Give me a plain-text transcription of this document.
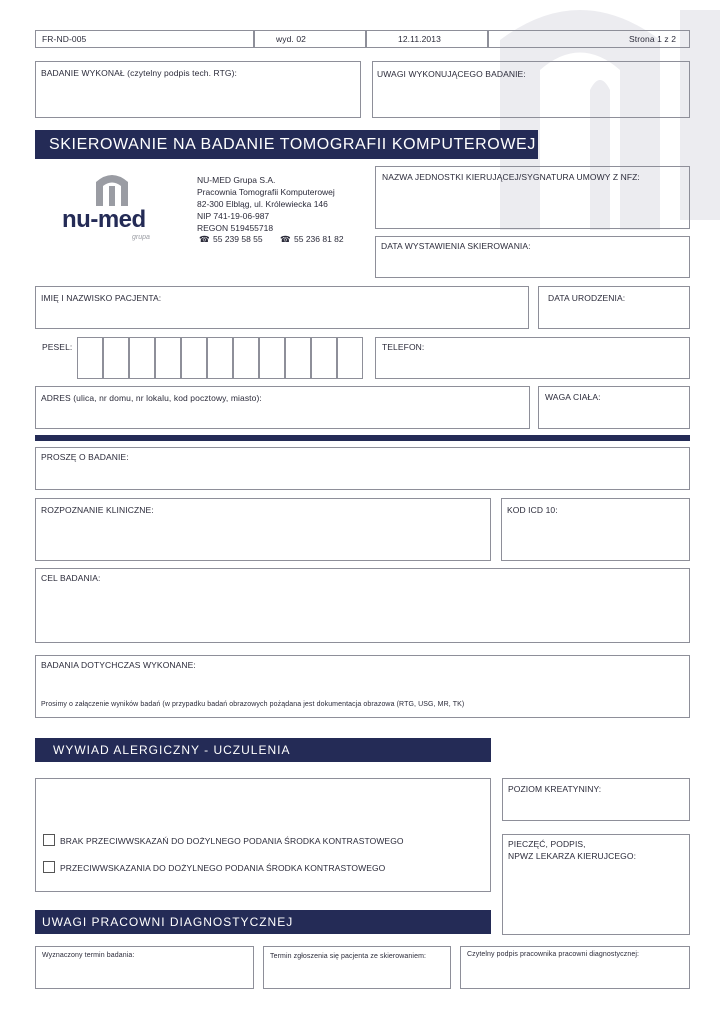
FR-ND-005	wyd. 02	12.11.2013	Strona 1 z 2
BADANIE WYKONAŁ (czytelny podpis tech. RTG):	UWAGI WYKONUJĄCEGO BADANIE:
SKIEROWANIE NA BADANIE TOMOGRAFII KOMPUTEROWEJ
nu-med
grupa
NU-MED Grupa S.A.
Pracownia Tomografii Komputerowej
82-300 Elbląg, ul. Królewiecka 146
NIP 741-19-06-987
REGON 519455718
☎ 55 239 58 55 ☎ 55 236 81 82
NAZWA JEDNOSTKI KIERUJĄCEJ/SYGNATURA UMOWY Z NFZ:
DATA WYSTAWIENIA SKIEROWANIA:
IMIĘ I NAZWISKO PACJENTA:	DATA URODZENIA:
PESEL:	TELEFON:
ADRES (ulica, nr domu, nr lokalu, kod pocztowy, miasto):	WAGA CIAŁA:
PROSZĘ O BADANIE:
ROZPOZNANIE KLINICZNE:	KOD ICD 10:
CEL BADANIA:
BADANIA DOTYCHCZAS WYKONANE:
Prosimy o załączenie wyników badań (w przypadku badań obrazowych pożądana jest dokumentacja obrazowa (RTG, USG, MR, TK)
WYWIAD ALERGICZNY - UCZULENIA
BRAK PRZECIWWSKAZAŃ DO DOŻYLNEGO PODANIA ŚRODKA KONTRASTOWEGO
PRZECIWWSKAZANIA DO DOŻYLNEGO PODANIA ŚRODKA KONTRASTOWEGO
POZIOM KREATYNINY:
PIECZĘĆ, PODPIS,
NPWZ LEKARZA KIERUJCEGO:
UWAGI PRACOWNI DIAGNOSTYCZNEJ
Wyznaczony termin badania:	Termin zgłoszenia się pacjenta ze skierowaniem:	Czytelny podpis pracownika pracowni diagnostycznej:
